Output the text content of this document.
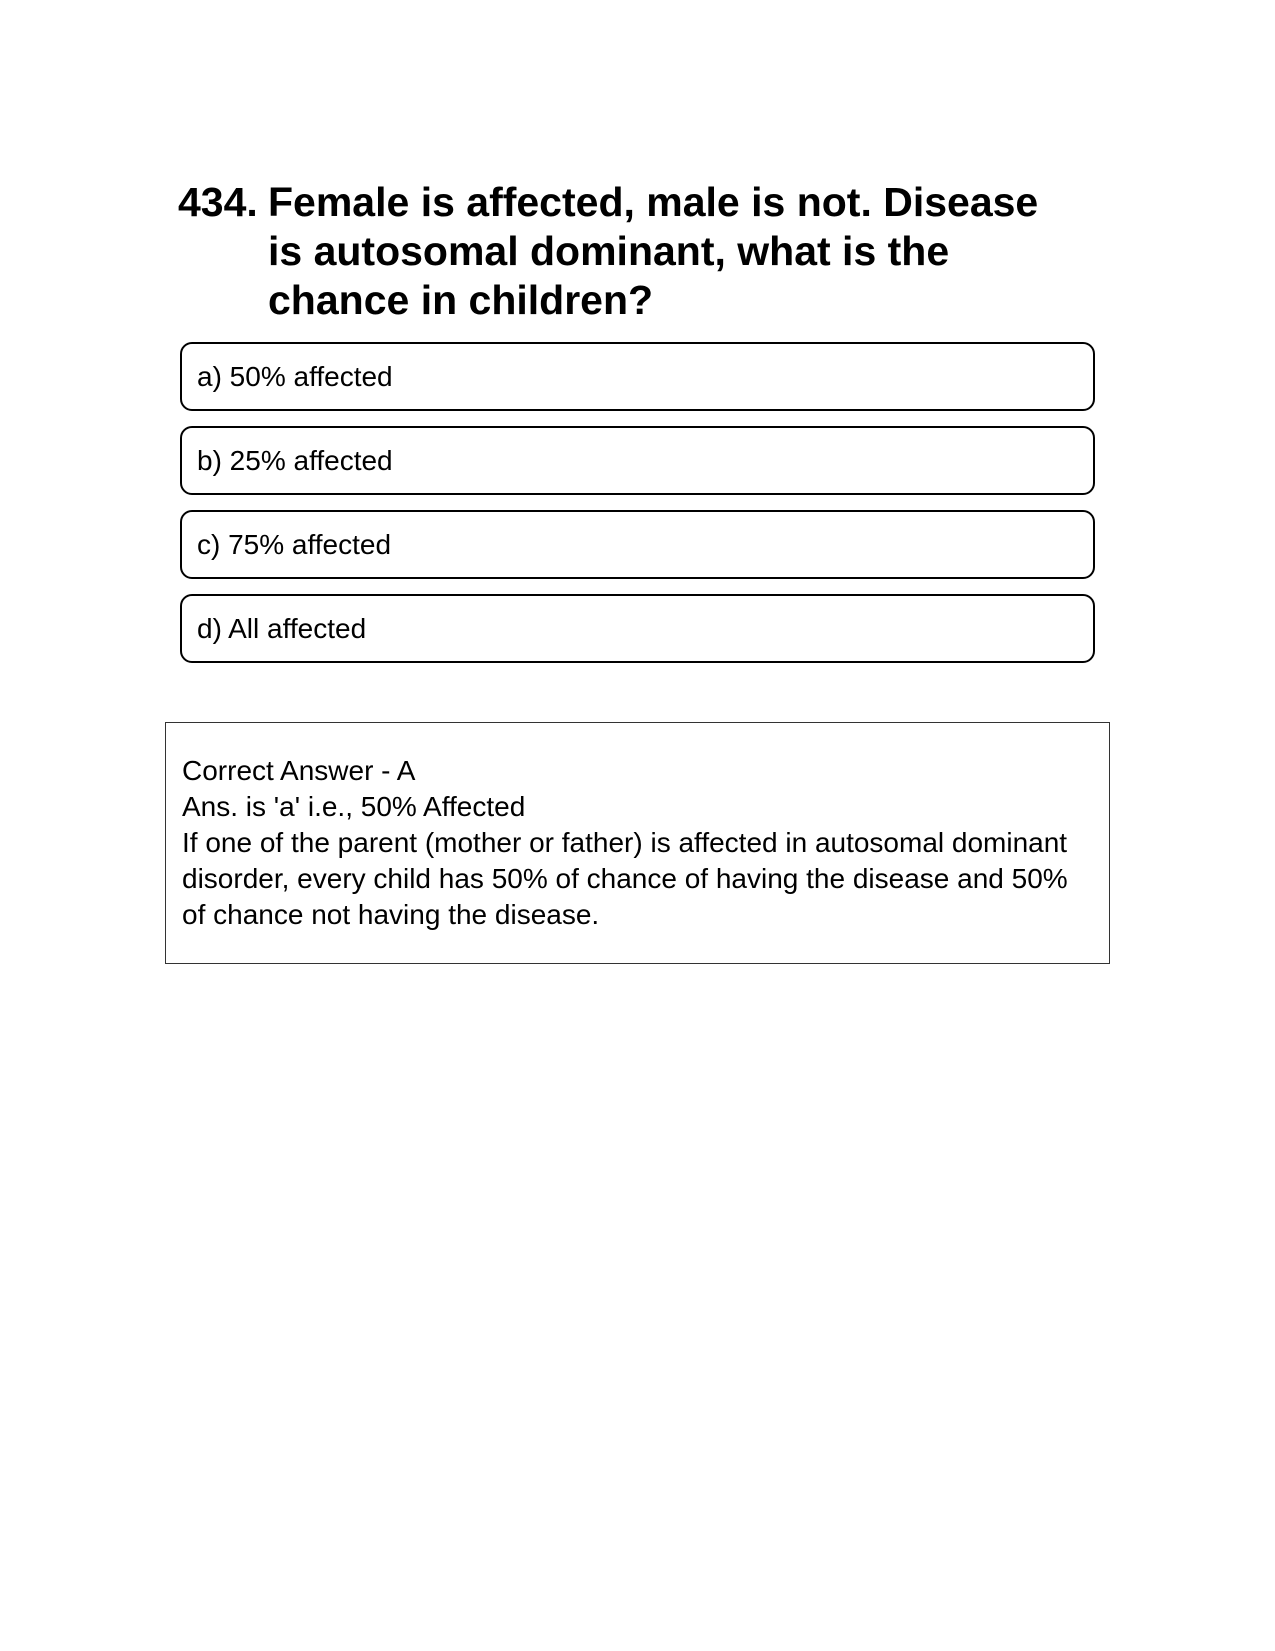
434. Female is affected, male is not. Disease is autosomal dominant, what is the chance in children?
a) 50% affected
b) 25% affected
c) 75% affected
d) All affected
Correct Answer - A
Ans. is 'a' i.e., 50% Affected
If one of the parent (mother or father) is affected in autosomal dominant disorder, every child has 50% of chance of having the disease and 50% of chance not having the disease.
